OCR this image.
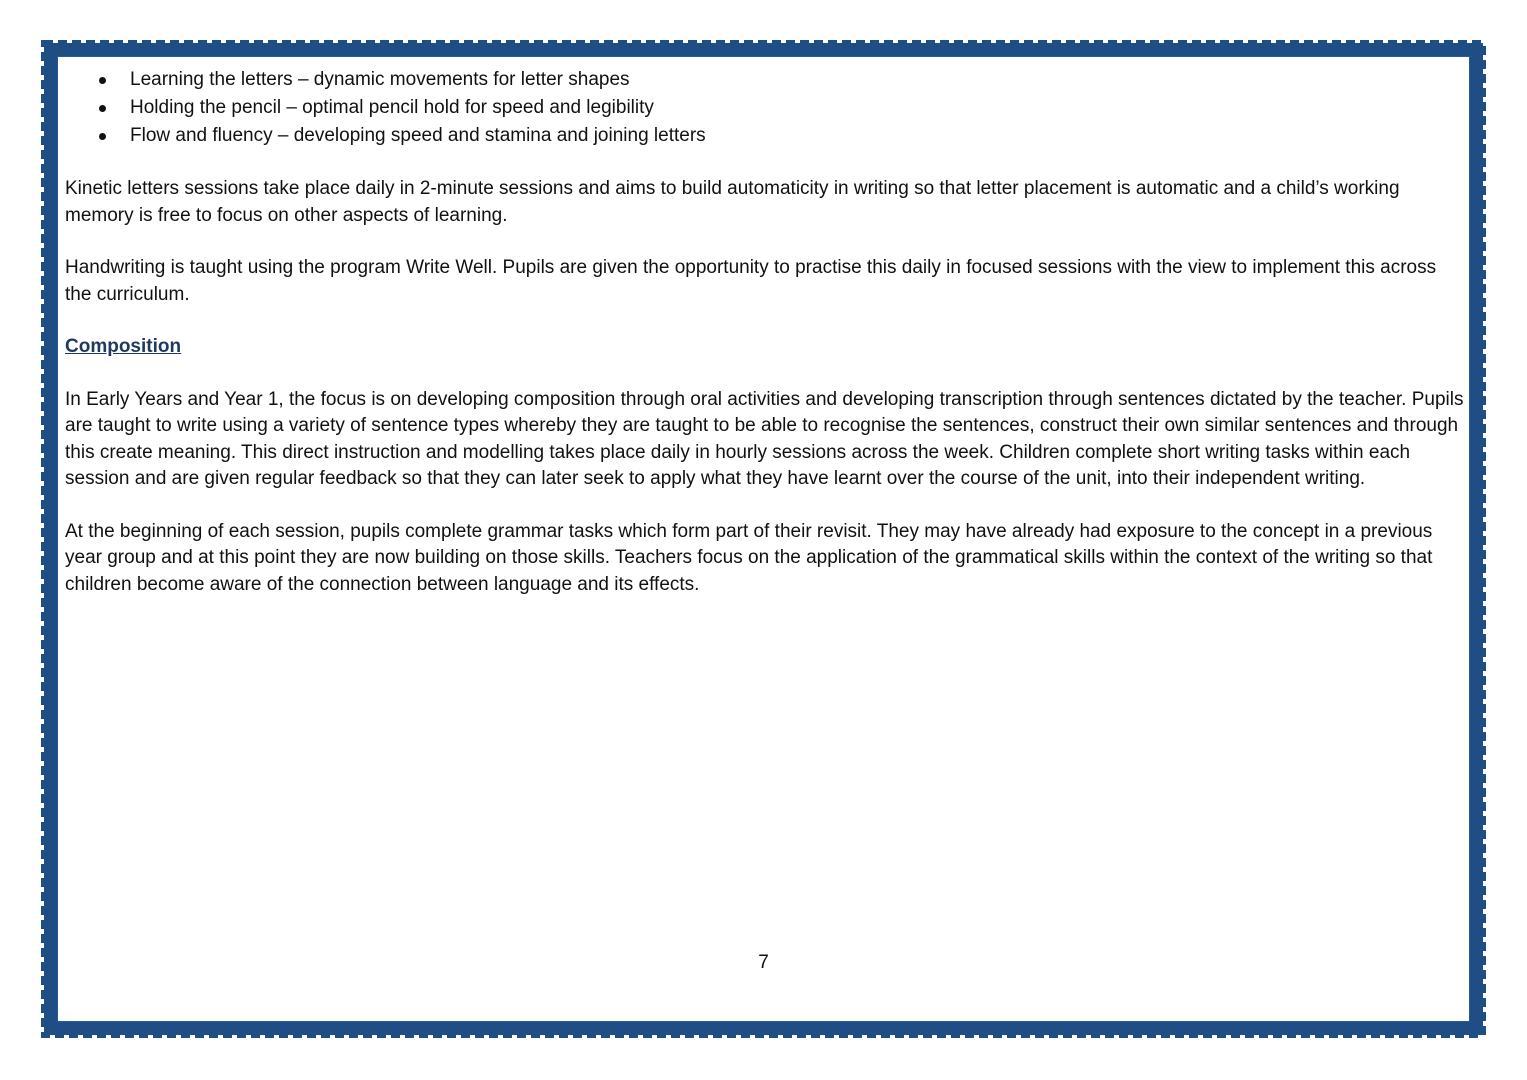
Learning the letters – dynamic movements for letter shapes
Holding the pencil – optimal pencil hold for speed and legibility
Flow and fluency – developing speed and stamina and joining letters

Kinetic letters sessions take place daily in 2-minute sessions and aims to build automaticity in writing so that letter placement is automatic and a child’s working memory is free to focus on other aspects of learning.

Handwriting is taught using the program Write Well. Pupils are given the opportunity to practise this daily in focused sessions with the view to implement this across the curriculum.

Composition

In Early Years and Year 1, the focus is on developing composition through oral activities and developing transcription through sentences dictated by the teacher. Pupils are taught to write using a variety of sentence types whereby they are taught to be able to recognise the sentences, construct their own similar sentences and through this create meaning. This direct instruction and modelling takes place daily in hourly sessions across the week. Children complete short writing tasks within each session and are given regular feedback so that they can later seek to apply what they have learnt over the course of the unit, into their independent writing.

At the beginning of each session, pupils complete grammar tasks which form part of their revisit. They may have already had exposure to the concept in a previous year group and at this point they are now building on those skills. Teachers focus on the application of the grammatical skills within the context of the writing so that children become aware of the connection between language and its effects.

7
